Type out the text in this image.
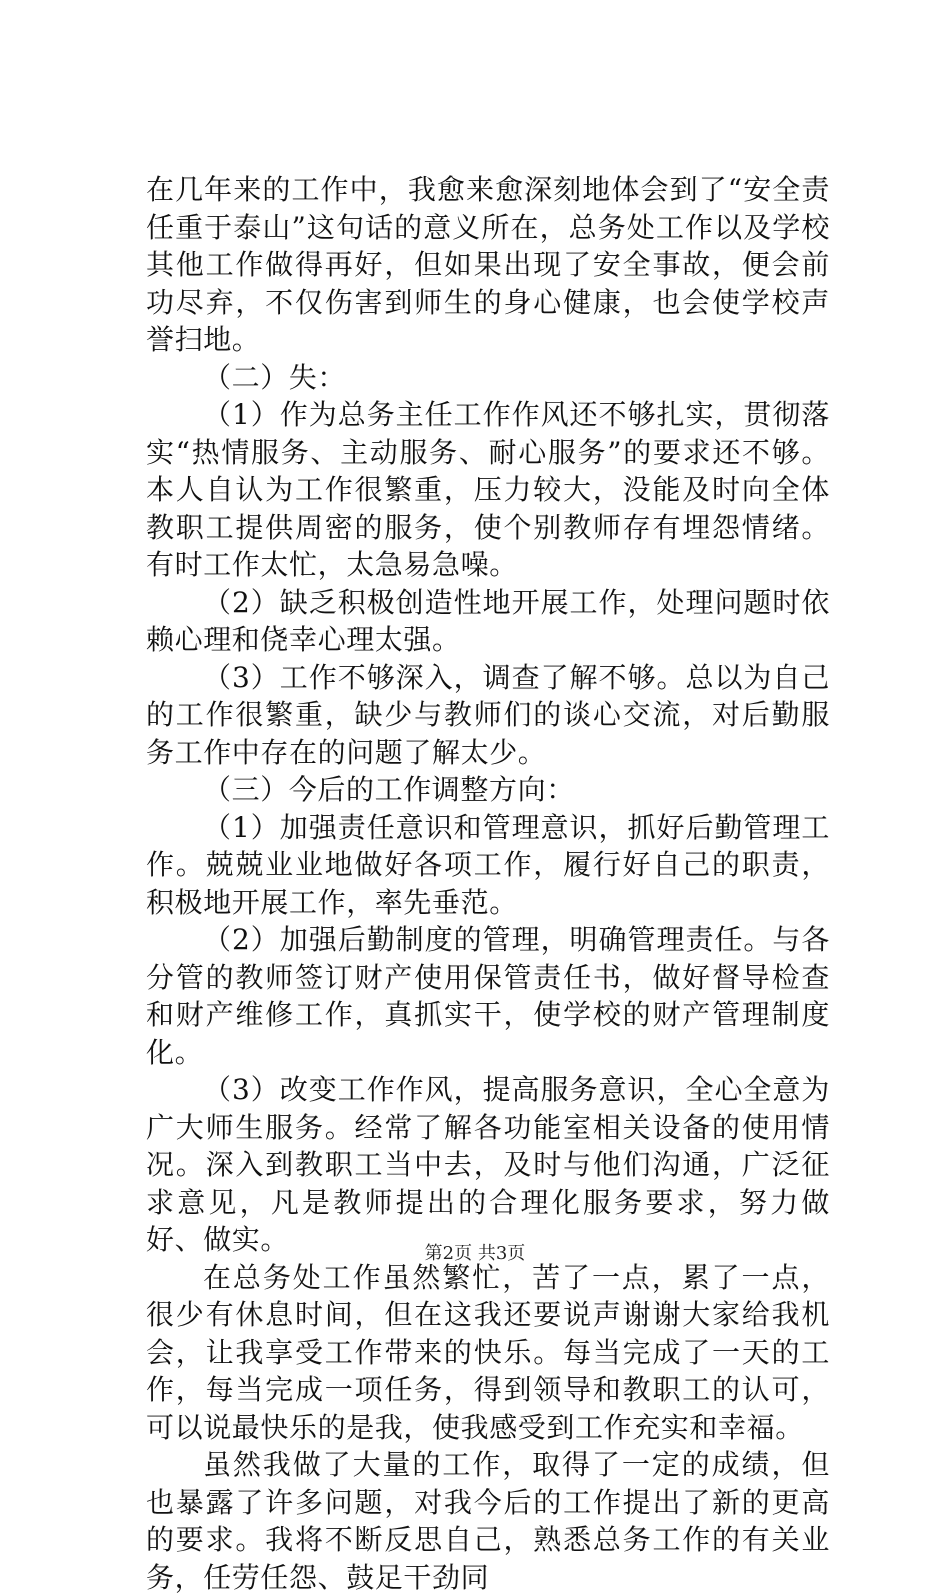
在几年来的工作中，我愈来愈深刻地体会到了“安全责任重于泰山”这句话的意义所在，总务处工作以及学校其他工作做得再好，但如果出现了安全事故，便会前功尽弃，不仅伤害到师生的身心健康，也会使学校声誉扫地。

（二）失：

（1）作为总务主任工作作风还不够扎实，贯彻落实“热情服务、主动服务、耐心服务”的要求还不够。本人自认为工作很繁重，压力较大，没能及时向全体教职工提供周密的服务，使个别教师存有埋怨情绪。有时工作太忙，太急易急噪。

（2）缺乏积极创造性地开展工作，处理问题时依赖心理和侥幸心理太强。

（3）工作不够深入，调查了解不够。总以为自己的工作很繁重，缺少与教师们的谈心交流，对后勤服务工作中存在的问题了解太少。

（三）今后的工作调整方向：

（1）加强责任意识和管理意识，抓好后勤管理工作。兢兢业业地做好各项工作，履行好自己的职责，积极地开展工作，率先垂范。

（2）加强后勤制度的管理，明确管理责任。与各分管的教师签订财产使用保管责任书，做好督导检查和财产维修工作，真抓实干，使学校的财产管理制度化。

（3）改变工作作风，提高服务意识，全心全意为广大师生服务。经常了解各功能室相关设备的使用情况。深入到教职工当中去，及时与他们沟通，广泛征求意见，凡是教师提出的合理化服务要求，努力做好、做实。

在总务处工作虽然繁忙，苦了一点，累了一点，很少有休息时间，但在这我还要说声谢谢大家给我机会，让我享受工作带来的快乐。每当完成了一天的工作，每当完成一项任务，得到领导和教职工的认可，可以说最快乐的是我，使我感受到工作充实和幸福。

虽然我做了大量的工作，取得了一定的成绩，但也暴露了许多问题，对我今后的工作提出了新的更高的要求。我将不断反思自己，熟悉总务工作的有关业务，任劳任怨、鼓足干劲同

第2页 共3页
